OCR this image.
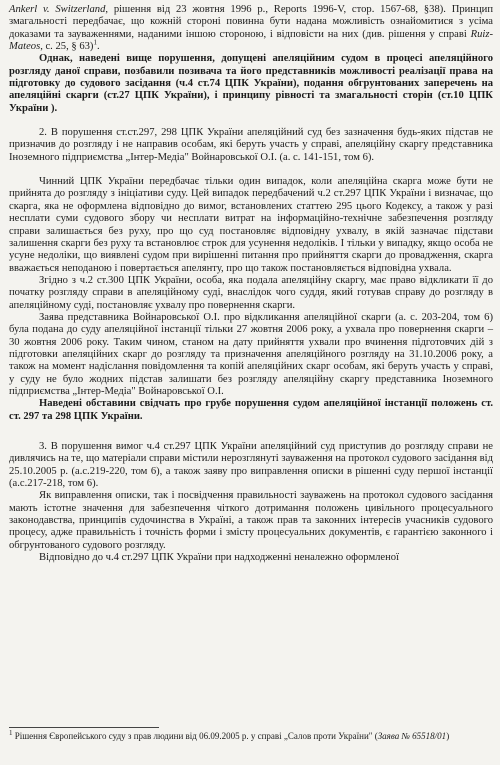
Ankerl v. Switzerland, рішення від 23 жовтня 1996 р., Reports 1996-V, стор. 1567-68, §38). Принцип змагальності передбачає, що кожній стороні повинна бути надана можливість ознайомитися з усіма доказами та зауваженнями, наданими іншою стороною, і відповісти на них (див. рішення у справі Ruiz-Mateos, с. 25, § 63)$^1$.

Однак, наведені вище порушення, допущені апеляційним судом в процесі апеляційного розгляду даної справи, позбавили позивача та його представників можливості реалізації права на підготовку до судового засідання (ч.4 ст.74 ЦПК України), подання обгрунтованих заперечень на апеляційні скарги (ст.27 ЦПК України), і принципу рівності та змагальності сторін (ст.10 ЦПК України ).

2. В порушення ст.ст.297, 298 ЦПК України апеляційний суд без зазначення будь-яких підстав не призначив до розгляду і не направив особам, які беруть участь у справі, апеляційну скаргу представника Іноземного підприємства „Інтер-Медіа" Войнаровської О.І. (а. с. 141-151, том 6).

Чинний ЦПК України передбачає тільки один випадок, коли апеляційна скарга може бути не прийнята до розгляду з ініціативи суду. Цей випадок передбачений ч.2 ст.297 ЦПК України і визначає, що скарга, яка не оформлена відповідно до вимог, встановлених статтею 295 цього Кодексу, а також у разі несплати суми судового збору чи несплати витрат на інформаційно-технічне забезпечення розгляду справи залишається без руху, про що суд постановляє відповідну ухвалу, в якій зазначає підстави залишення скарги без руху та встановлює строк для усунення недоліків. І тільки у випадку, якщо особа не усуне недоліки, що виявлені судом при вирішенні питання про прийняття скарги до провадження, скарга вважається неподаною і повертається апелянту, про що також постановляється відповідна ухвала.

Згідно з ч.2 ст.300 ЦПК України, особа, яка подала апеляційну скаргу, має право відкликати її до початку розгляду справи в апеляційному суді, внаслідок чого суддя, який готував справу до розгляду в апеляційному суді, постановляє ухвалу про повернення скарги.

Заява представника Войнаровської О.І. про відкликання апеляційної скарги (а. с. 203-204, том 6) була подана до суду апеляційної інстанції тільки 27 жовтня 2006 року, а ухвала про повернення скарги – 30 жовтня 2006 року. Таким чином, станом на дату прийняття ухвали про вчинення підготовчих дій з підготовки апеляційних скарг до розгляду та призначення апеляційного розгляду на 31.10.2006 року, а також на момент надіслання повідомлення та копій апеляційних скарг особам, які беруть участь у справі, у суду не було жодних підстав залишати без розгляду апеляційну скаргу представника Іноземного підприємства „Інтер-Медіа" Войнаровської О.І.

Наведені обставини свідчать про грубе порушення судом апеляційної інстанції положень ст. ст. 297 та 298 ЦПК України.

3. В порушення вимог ч.4 ст.297 ЦПК України апеляційний суд приступив до розгляду справи не дивлячись на те, що матеріали справи містили нерозглянуті зауваження на протокол судового засідання від 25.10.2005 р. (а.с.219-220, том 6), а також заяву про виправлення описки в рішенні суду першої інстанції (а.с.217-218, том 6).

Як виправлення описки, так і посвідчення правильності зауважень на протокол судового засідання мають істотне значення для забезпечення чіткого дотримання положень цивільного процесуального законодавства, принципів судочинства в Україні, а також прав та законних інтересів учасників судового процесу, адже правильність і точність форми і змісту процесуальних документів, є гарантією законного і обгрунтованого судового розгляду.

Відповідно до ч.4 ст.297 ЦПК України при надходженні неналежно оформленої

$^1$ Рішення Європейського суду з прав людини від 06.09.2005 р. у справі „Салов проти України" (Заява № 65518/01)
